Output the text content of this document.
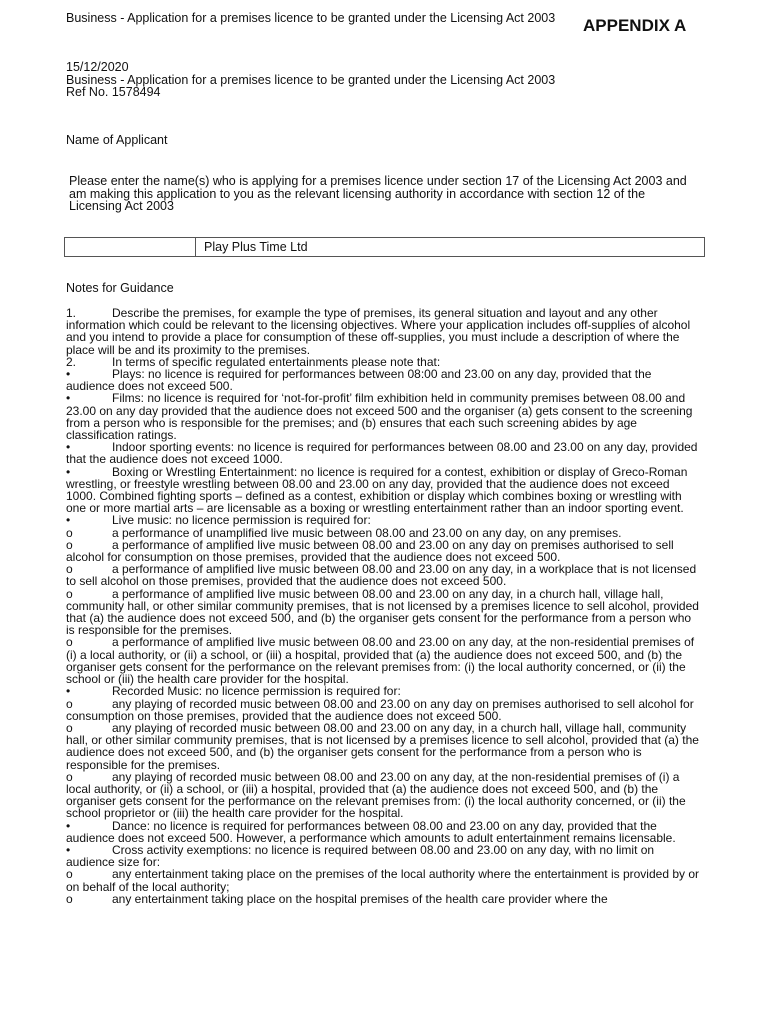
Business - Application for a premises licence to be granted under the Licensing Act 2003 APPENDIX A
15/12/2020
Business - Application for a premises licence to be granted under the Licensing Act 2003
Ref No. 1578494
Name of Applicant
Please enter the name(s) who is applying for a premises licence under section 17 of the Licensing Act 2003 and am making this application to you as the relevant licensing authority in accordance with section 12 of the Licensing Act 2003
Play Plus Time Ltd
Notes for Guidance

1.	Describe the premises, for example the type of premises, its general situation and layout and any other information which could be relevant to the licensing objectives. Where your application includes off-supplies of alcohol and you intend to provide a place for consumption of these off-supplies, you must include a description of where the place will be and its proximity to the premises.

2.	In terms of specific regulated entertainments please note that:

•	Plays: no licence is required for performances between 08:00 and 23.00 on any day, provided that the audience does not exceed 500.

•	Films: no licence is required for ‘not-for-profit’ film exhibition held in community premises between 08.00 and 23.00 on any day provided that the audience does not exceed 500 and the organiser (a) gets consent to the screening from a person who is responsible for the premises; and (b) ensures that each such screening abides by age classification ratings.

•	Indoor sporting events: no licence is required for performances between 08.00 and 23.00 on any day, provided that the audience does not exceed 1000.

•	Boxing or Wrestling Entertainment: no licence is required for a contest, exhibition or display of Greco-Roman wrestling, or freestyle wrestling between 08.00 and 23.00 on any day, provided that the audience does not exceed 1000. Combined fighting sports – defined as a contest, exhibition or display which combines boxing or wrestling with one or more martial arts – are licensable as a boxing or wrestling entertainment rather than an indoor sporting event.

•	Live music: no licence permission is required for:

o	a performance of unamplified live music between 08.00 and 23.00 on any day, on any premises.

o	a performance of amplified live music between 08.00 and 23.00 on any day on premises authorised to sell alcohol for consumption on those premises, provided that the audience does not exceed 500.

o	a performance of amplified live music between 08.00 and 23.00 on any day, in a workplace that is not licensed to sell alcohol on those premises, provided that the audience does not exceed 500.

o	a performance of amplified live music between 08.00 and 23.00 on any day, in a church hall, village hall, community hall, or other similar community premises, that is not licensed by a premises licence to sell alcohol, provided that (a) the audience does not exceed 500, and (b) the organiser gets consent for the performance from a person who is responsible for the premises.

o	a performance of amplified live music between 08.00 and 23.00 on any day, at the non-residential premises of (i) a local authority, or (ii) a school, or (iii) a hospital, provided that (a) the audience does not exceed 500, and (b) the organiser gets consent for the performance on the relevant premises from: (i) the local authority concerned, or (ii) the school or (iii) the health care provider for the hospital.

•	Recorded Music: no licence permission is required for:

o	any playing of recorded music between 08.00 and 23.00 on any day on premises authorised to sell alcohol for consumption on those premises, provided that the audience does not exceed 500.

o	any playing of recorded music between 08.00 and 23.00 on any day, in a church hall, village hall, community hall, or other similar community premises, that is not licensed by a premises licence to sell alcohol, provided that (a) the audience does not exceed 500, and (b) the organiser gets consent for the performance from a person who is responsible for the premises.

o	any playing of recorded music between 08.00 and 23.00 on any day, at the non-residential premises of (i) a local authority, or (ii) a school, or (iii) a hospital, provided that (a) the audience does not exceed 500, and (b) the organiser gets consent for the performance on the relevant premises from: (i) the local authority concerned, or (ii) the school proprietor or (iii) the health care provider for the hospital.

•	Dance: no licence is required for performances between 08.00 and 23.00 on any day, provided that the audience does not exceed 500. However, a performance which amounts to adult entertainment remains licensable.

•	Cross activity exemptions: no licence is required between 08.00 and 23.00 on any day, with no limit on audience size for:

o	any entertainment taking place on the premises of the local authority where the entertainment is provided by or on behalf of the local authority;

o	any entertainment taking place on the hospital premises of the health care provider where the
